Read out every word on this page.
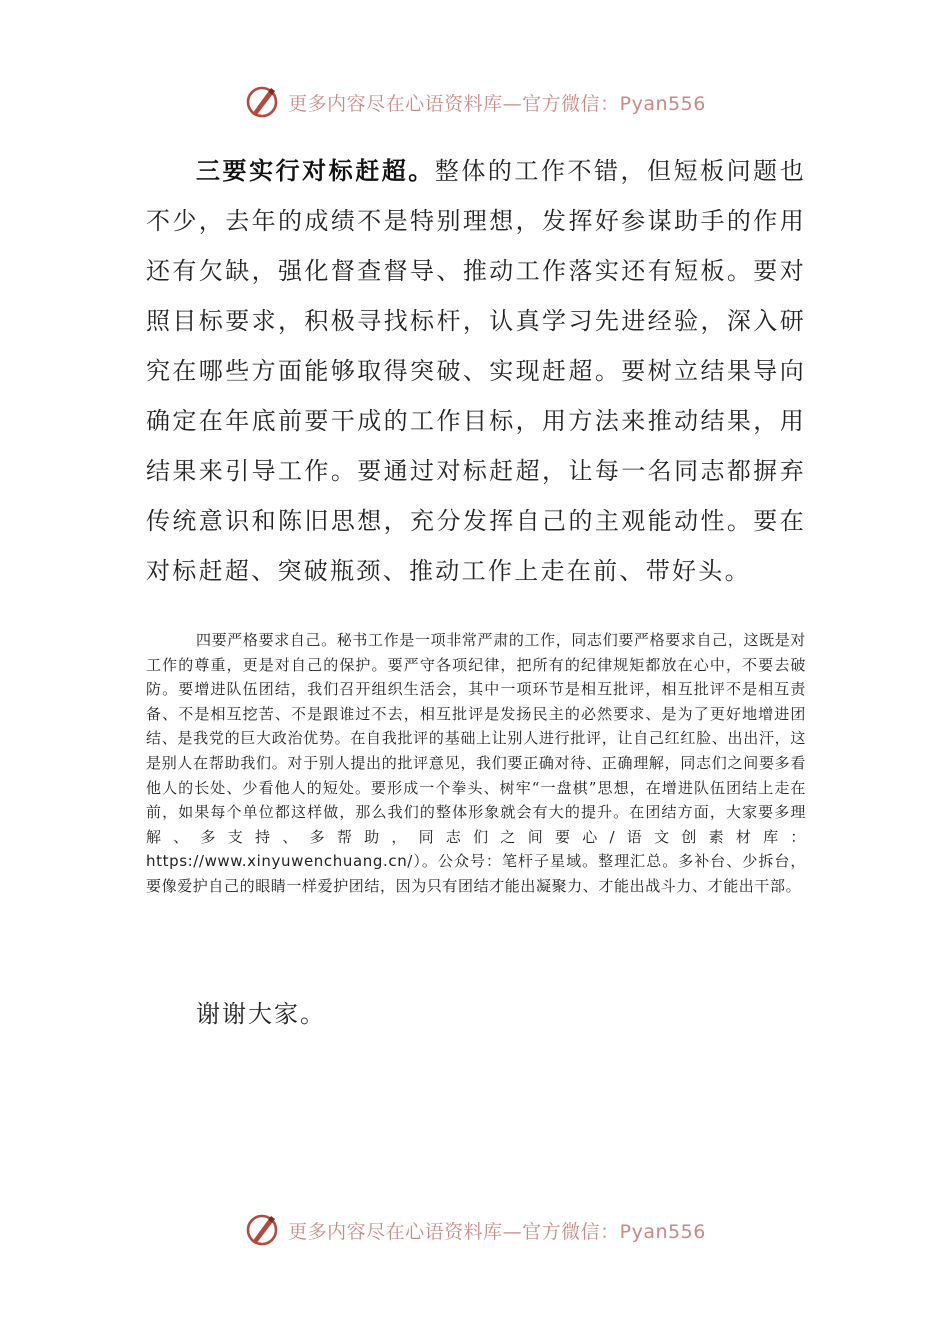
更多内容尽在心语资料库—官方微信：Pyan556

三要实行对标赶超。整体的工作不错，但短板问题也不少，去年的成绩不是特别理想，发挥好参谋助手的作用还有欠缺，强化督查督导、推动工作落实还有短板。要对照目标要求，积极寻找标杆，认真学习先进经验，深入研究在哪些方面能够取得突破、实现赶超。要树立结果导向确定在年底前要干成的工作目标，用方法来推动结果，用结果来引导工作。要通过对标赶超，让每一名同志都摒弃传统意识和陈旧思想，充分发挥自己的主观能动性。要在对标赶超、突破瓶颈、推动工作上走在前、带好头。

四要严格要求自己。秘书工作是一项非常严肃的工作，同志们要严格要求自己，这既是对工作的尊重，更是对自己的保护。要严守各项纪律，把所有的纪律规矩都放在心中，不要去破防。要增进队伍团结，我们召开组织生活会，其中一项环节是相互批评，相互批评不是相互责备、不是相互挖苦、不是跟谁过不去，相互批评是发扬民主的必然要求、是为了更好地增进团结、是我党的巨大政治优势。在自我批评的基础上让别人进行批评，让自己红红脸、出出汗，这是别人在帮助我们。对于别人提出的批评意见，我们要正确对待、正确理解，同志们之间要多看他人的长处、少看他人的短处。要形成一个拳头、树牢“一盘棋”思想，在增进队伍团结上走在前，如果每个单位都这样做，那么我们的整体形象就会有大的提升。在团结方面，大家要多理解、多支持、多帮助，同志们之间要心/语文创素材库：https://www.xinyuwenchuang.cn/）。公众号：笔杆子星域。整理汇总。多补台、少拆台，要像爱护自己的眼睛一样爱护团结，因为只有团结才能出凝聚力、才能出战斗力、才能出干部。

谢谢大家。

更多内容尽在心语资料库—官方微信：Pyan556
